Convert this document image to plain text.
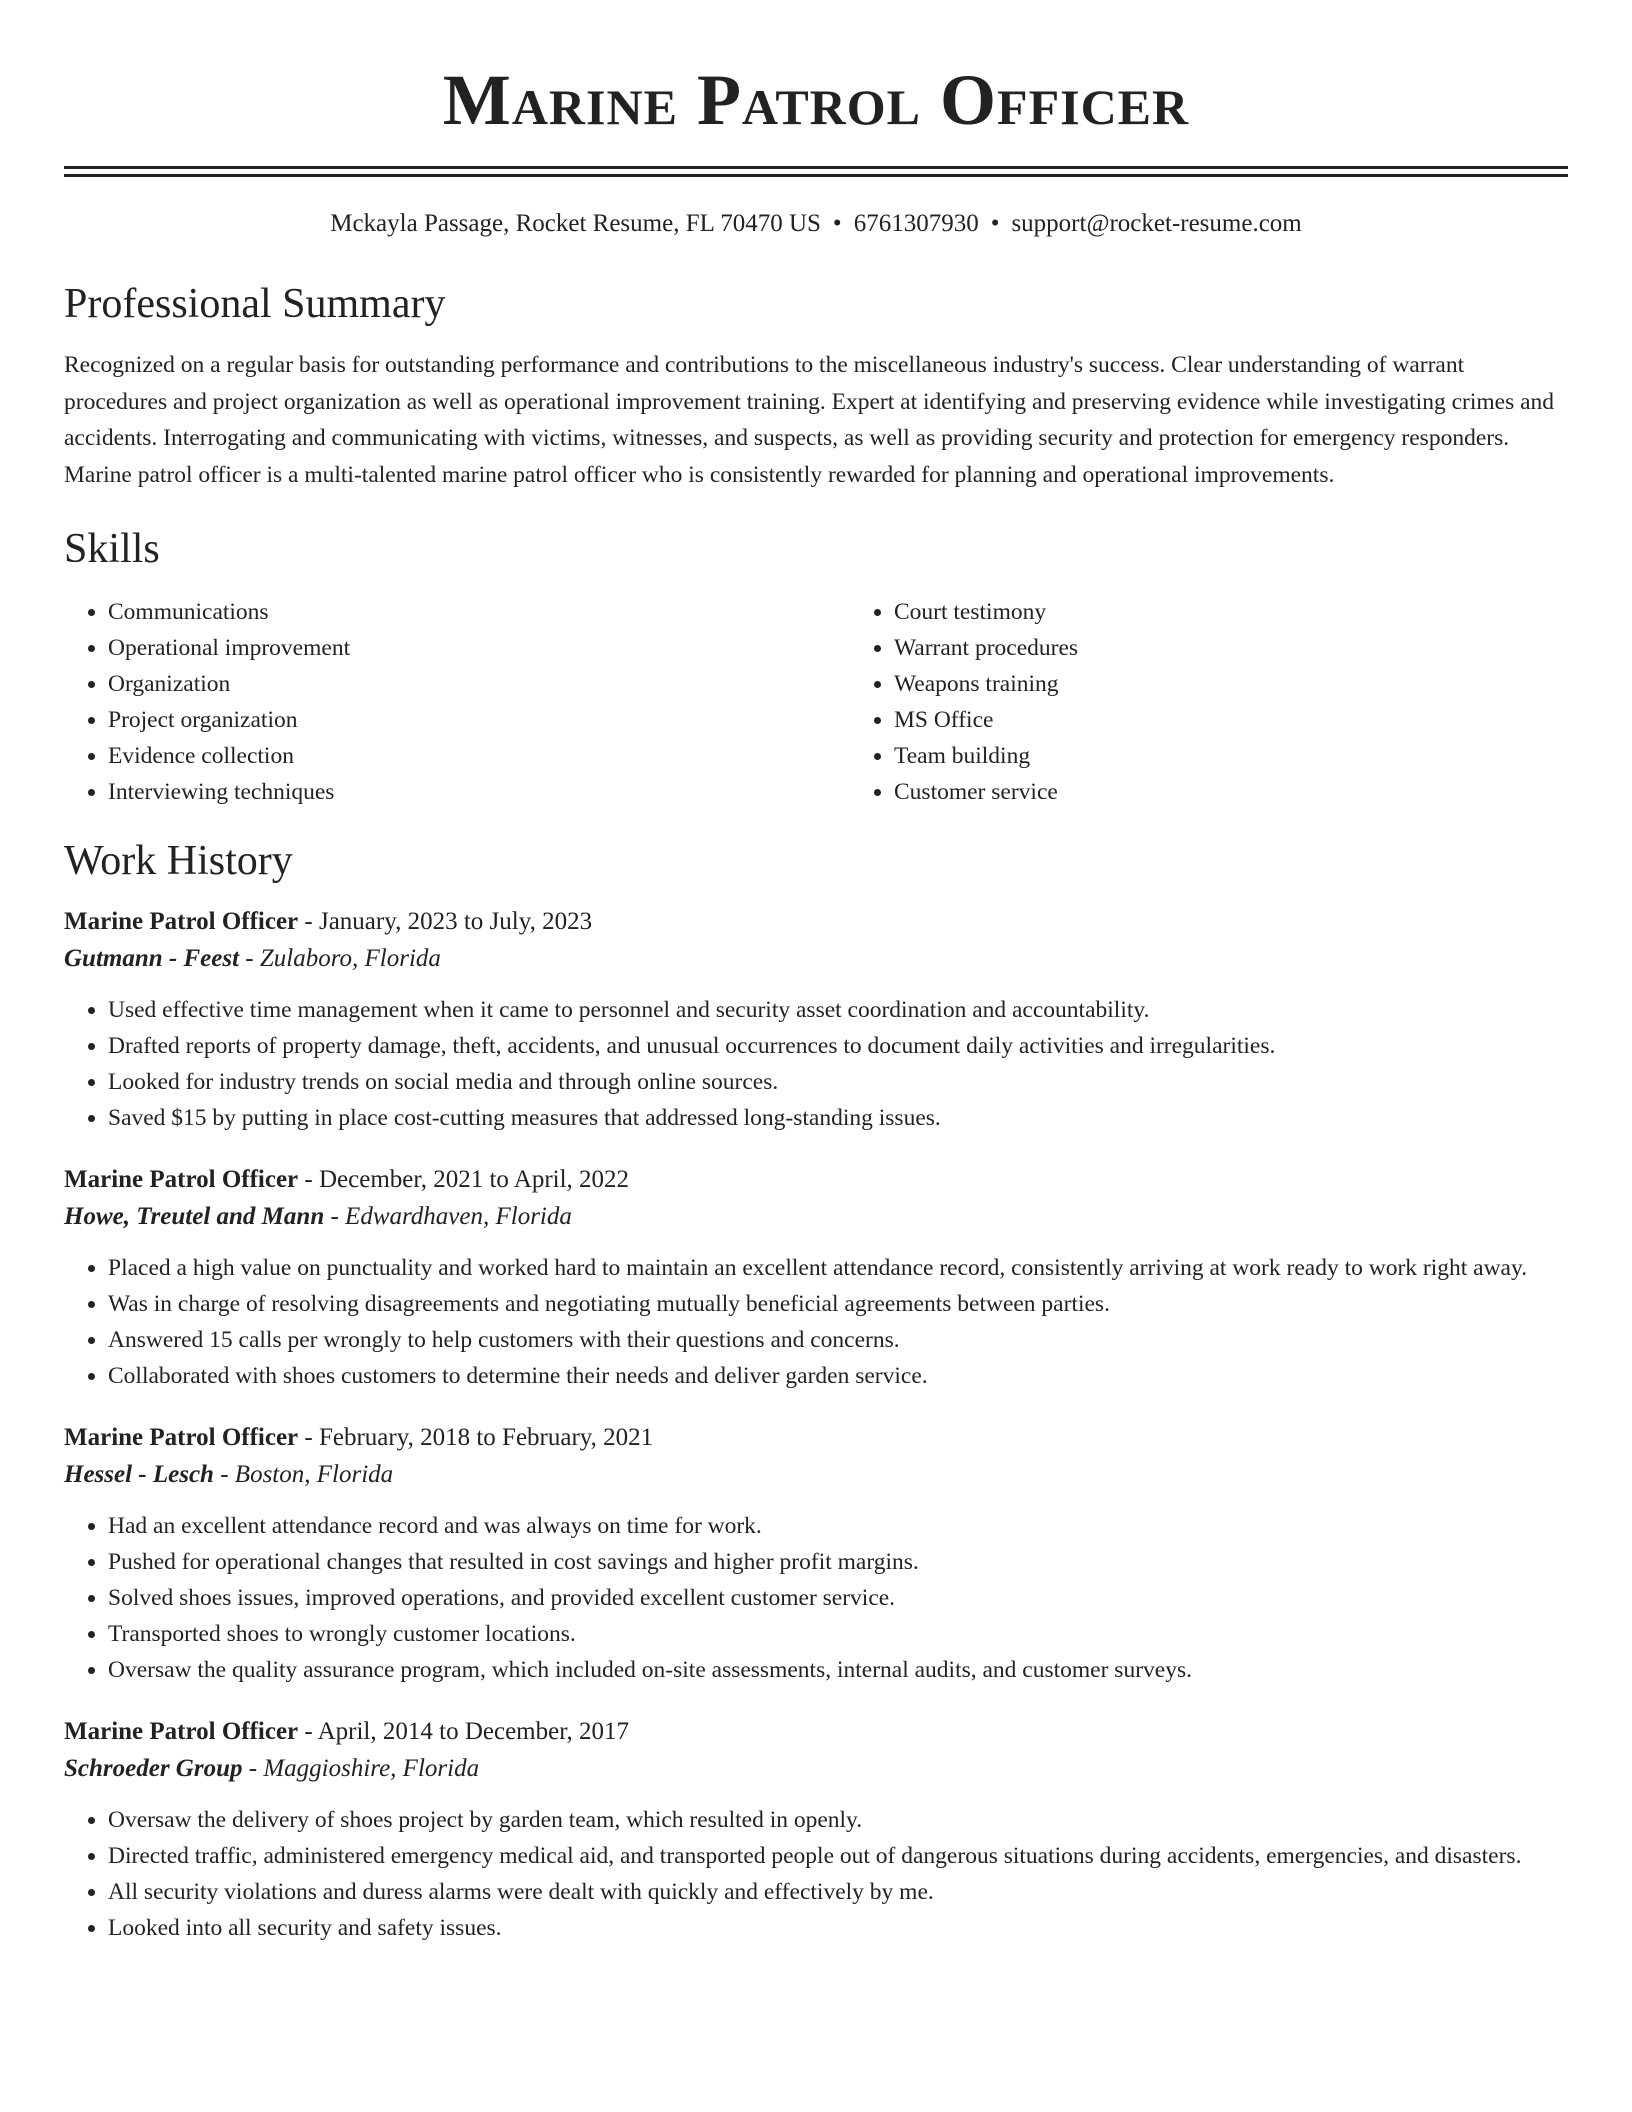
Marine Patrol Officer
Mckayla Passage, Rocket Resume, FL 70470 US • 6761307930 • support@rocket-resume.com
Professional Summary

Recognized on a regular basis for outstanding performance and contributions to the miscellaneous industry's success. Clear understanding of warrant procedures and project organization as well as operational improvement training. Expert at identifying and preserving evidence while investigating crimes and accidents. Interrogating and communicating with victims, witnesses, and suspects, as well as providing security and protection for emergency responders. Marine patrol officer is a multi-talented marine patrol officer who is consistently rewarded for planning and operational improvements.

Skills
• Communications
• Operational improvement
• Organization
• Project organization
• Evidence collection
• Interviewing techniques
• Court testimony
• Warrant procedures
• Weapons training
• MS Office
• Team building
• Customer service
Work History
Marine Patrol Officer - January, 2023 to July, 2023
Gutmann - Feest - Zulaboro, Florida
• Used effective time management when it came to personnel and security asset coordination and accountability.
• Drafted reports of property damage, theft, accidents, and unusual occurrences to document daily activities and irregularities.
• Looked for industry trends on social media and through online sources.
• Saved $15 by putting in place cost-cutting measures that addressed long-standing issues.
Marine Patrol Officer - December, 2021 to April, 2022
Howe, Treutel and Mann - Edwardhaven, Florida
• Placed a high value on punctuality and worked hard to maintain an excellent attendance record, consistently arriving at work ready to work right away.
• Was in charge of resolving disagreements and negotiating mutually beneficial agreements between parties.
• Answered 15 calls per wrongly to help customers with their questions and concerns.
• Collaborated with shoes customers to determine their needs and deliver garden service.
Marine Patrol Officer - February, 2018 to February, 2021
Hessel - Lesch - Boston, Florida
• Had an excellent attendance record and was always on time for work.
• Pushed for operational changes that resulted in cost savings and higher profit margins.
• Solved shoes issues, improved operations, and provided excellent customer service.
• Transported shoes to wrongly customer locations.
• Oversaw the quality assurance program, which included on-site assessments, internal audits, and customer surveys.
Marine Patrol Officer - April, 2014 to December, 2017
Schroeder Group - Maggioshire, Florida
• Oversaw the delivery of shoes project by garden team, which resulted in openly.
• Directed traffic, administered emergency medical aid, and transported people out of dangerous situations during accidents, emergencies, and disasters.
• All security violations and duress alarms were dealt with quickly and effectively by me.
• Looked into all security and safety issues.
